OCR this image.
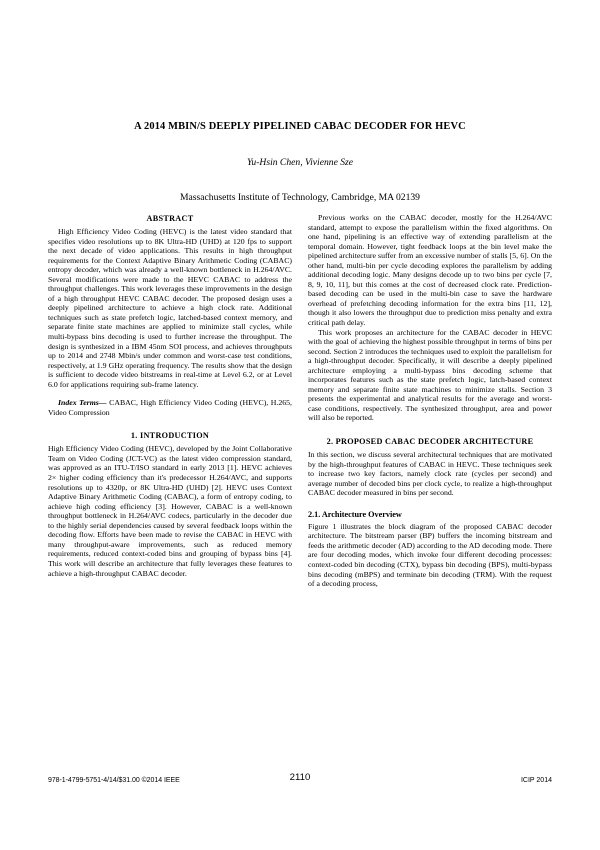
A 2014 MBIN/S DEEPLY PIPELINED CABAC DECODER FOR HEVC
Yu-Hsin Chen, Vivienne Sze
Massachusetts Institute of Technology, Cambridge, MA 02139
ABSTRACT

High Efficiency Video Coding (HEVC) is the latest video standard that specifies video resolutions up to 8K Ultra-HD (UHD) at 120 fps to support the next decade of video applications. This results in high throughput requirements for the Context Adaptive Binary Arithmetic Coding (CABAC) entropy decoder, which was already a well-known bottleneck in H.264/AVC. Several modifications were made to the HEVC CABAC to address the throughput challenges. This work leverages these improvements in the design of a high throughput HEVC CABAC decoder. The proposed design uses a deeply pipelined architecture to achieve a high clock rate. Additional techniques such as state prefetch logic, latched-based context memory, and separate finite state machines are applied to minimize stall cycles, while multi-bypass bins decoding is used to further increase the throughput. The design is synthesized in a IBM 45nm SOI process, and achieves throughputs up to 2014 and 2748 Mbin/s under common and worst-case test conditions, respectively, at 1.9 GHz operating frequency. The results show that the design is sufficient to decode video bitstreams in real-time at Level 6.2, or at Level 6.0 for applications requiring sub-frame latency.

Index Terms— CABAC, High Efficiency Video Coding (HEVC), H.265, Video Compression

1. INTRODUCTION

High Efficiency Video Coding (HEVC), developed by the Joint Collaborative Team on Video Coding (JCT-VC) as the latest video compression standard, was approved as an ITU-T/ISO standard in early 2013 [1]. HEVC achieves 2× higher coding efficiency than it's predecessor H.264/AVC, and supports resolutions up to 4320p, or 8K Ultra-HD (UHD) [2]. HEVC uses Context Adaptive Binary Arithmetic Coding (CABAC), a form of entropy coding, to achieve high coding efficiency [3]. However, CABAC is a well-known throughput bottleneck in H.264/AVC codecs, particularly in the decoder due to the highly serial dependencies caused by several feedback loops within the decoding flow. Efforts have been made to revise the CABAC in HEVC with many throughput-aware improvements, such as reduced memory requirements, reduced context-coded bins and grouping of bypass bins [4]. This work will describe an architecture that fully leverages these features to achieve a high-throughput CABAC decoder.

Previous works on the CABAC decoder, mostly for the H.264/AVC standard, attempt to expose the parallelism within the fixed algorithms. On one hand, pipelining is an effective way of extending parallelism at the temporal domain. However, tight feedback loops at the bin level make the pipelined architecture suffer from an excessive number of stalls [5, 6]. On the other hand, multi-bin per cycle decoding explores the parallelism by adding additional decoding logic. Many designs decode up to two bins per cycle [7, 8, 9, 10, 11], but this comes at the cost of decreased clock rate. Prediction-based decoding can be used in the multi-bin case to save the hardware overhead of prefetching decoding information for the extra bins [11, 12], though it also lowers the throughput due to prediction miss penalty and extra critical path delay.

This work proposes an architecture for the CABAC decoder in HEVC with the goal of achieving the highest possible throughput in terms of bins per second. Section 2 introduces the techniques used to exploit the parallelism for a high-throughput decoder. Specifically, it will describe a deeply pipelined architecture employing a multi-bypass bins decoding scheme that incorporates features such as the state prefetch logic, latch-based context memory and separate finite state machines to minimize stalls. Section 3 presents the experimental and analytical results for the average and worst-case conditions, respectively. The synthesized throughput, area and power will also be reported.

2. PROPOSED CABAC DECODER ARCHITECTURE

In this section, we discuss several architectural techniques that are motivated by the high-throughput features of CABAC in HEVC. These techniques seek to increase two key factors, namely clock rate (cycles per second) and average number of decoded bins per clock cycle, to realize a high-throughput CABAC decoder measured in bins per second.

2.1. Architecture Overview

Figure 1 illustrates the block diagram of the proposed CABAC decoder architecture. The bitstream parser (BP) buffers the incoming bitstream and feeds the arithmetic decoder (AD) according to the AD decoding mode. There are four decoding modes, which invoke four different decoding processes: context-coded bin decoding (CTX), bypass bin decoding (BPS), multi-bypass bins decoding (mBPS) and terminate bin decoding (TRM). With the request of a decoding process,

978-1-4799-5751-4/14/$31.00 ©2014 IEEE	2110	ICIP 2014
